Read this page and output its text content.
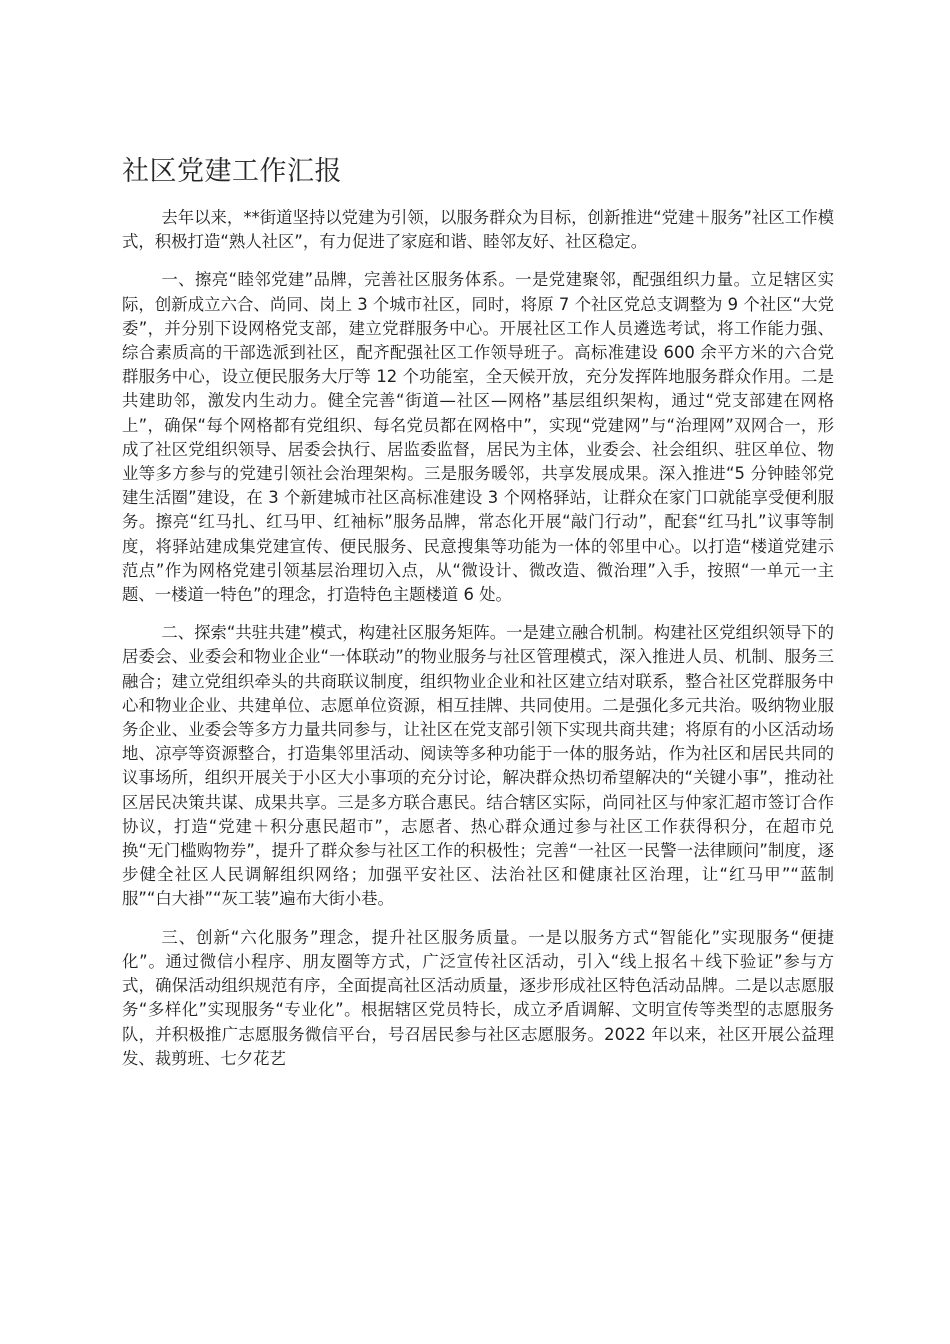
社区党建工作汇报

去年以来，**街道坚持以党建为引领，以服务群众为目标，创新推进“党建＋服务”社区工作模式，积极打造“熟人社区”，有力促进了家庭和谐、睦邻友好、社区稳定。

一、擦亮“睦邻党建”品牌，完善社区服务体系。一是党建聚邻，配强组织力量。立足辖区实际，创新成立六合、尚同、岗上 3 个城市社区，同时，将原 7 个社区党总支调整为 9 个社区“大党委”，并分别下设网格党支部，建立党群服务中心。开展社区工作人员遴选考试，将工作能力强、综合素质高的干部选派到社区，配齐配强社区工作领导班子。高标准建设 600 余平方米的六合党群服务中心，设立便民服务大厅等 12 个功能室，全天候开放，充分发挥阵地服务群众作用。二是共建助邻，激发内生动力。健全完善“街道—社区—网格”基层组织架构，通过“党支部建在网格上”，确保“每个网格都有党组织、每名党员都在网格中”，实现“党建网”与“治理网”双网合一，形成了社区党组织领导、居委会执行、居监委监督，居民为主体，业委会、社会组织、驻区单位、物业等多方参与的党建引领社会治理架构。三是服务暖邻，共享发展成果。深入推进“5 分钟睦邻党建生活圈”建设，在 3 个新建城市社区高标准建设 3 个网格驿站，让群众在家门口就能享受便利服务。擦亮“红马扎、红马甲、红袖标”服务品牌，常态化开展“敲门行动”，配套“红马扎”议事等制度，将驿站建成集党建宣传、便民服务、民意搜集等功能为一体的邻里中心。以打造“楼道党建示范点”作为网格党建引领基层治理切入点，从“微设计、微改造、微治理”入手，按照“一单元一主题、一楼道一特色”的理念，打造特色主题楼道 6 处。

二、探索“共驻共建”模式，构建社区服务矩阵。一是建立融合机制。构建社区党组织领导下的居委会、业委会和物业企业“一体联动”的物业服务与社区管理模式，深入推进人员、机制、服务三融合；建立党组织牵头的共商联议制度，组织物业企业和社区建立结对联系，整合社区党群服务中心和物业企业、共建单位、志愿单位资源，相互挂牌、共同使用。二是强化多元共治。吸纳物业服务企业、业委会等多方力量共同参与，让社区在党支部引领下实现共商共建；将原有的小区活动场地、凉亭等资源整合，打造集邻里活动、阅读等多种功能于一体的服务站，作为社区和居民共同的议事场所，组织开展关于小区大小事项的充分讨论，解决群众热切希望解决的“关键小事”，推动社区居民决策共谋、成果共享。三是多方联合惠民。结合辖区实际，尚同社区与仲家汇超市签订合作协议，打造“党建＋积分惠民超市”，志愿者、热心群众通过参与社区工作获得积分，在超市兑换“无门槛购物券”，提升了群众参与社区工作的积极性；完善“一社区一民警一法律顾问”制度，逐步健全社区人民调解组织网络；加强平安社区、法治社区和健康社区治理，让“红马甲”“蓝制服”“白大褂”“灰工装”遍布大街小巷。

三、创新“六化服务”理念，提升社区服务质量。一是以服务方式“智能化”实现服务“便捷化”。通过微信小程序、朋友圈等方式，广泛宣传社区活动，引入“线上报名＋线下验证”参与方式，确保活动组织规范有序，全面提高社区活动质量，逐步形成社区特色活动品牌。二是以志愿服务“多样化”实现服务“专业化”。根据辖区党员特长，成立矛盾调解、文明宣传等类型的志愿服务队，并积极推广志愿服务微信平台，号召居民参与社区志愿服务。2022 年以来，社区开展公益理发、裁剪班、七夕花艺
